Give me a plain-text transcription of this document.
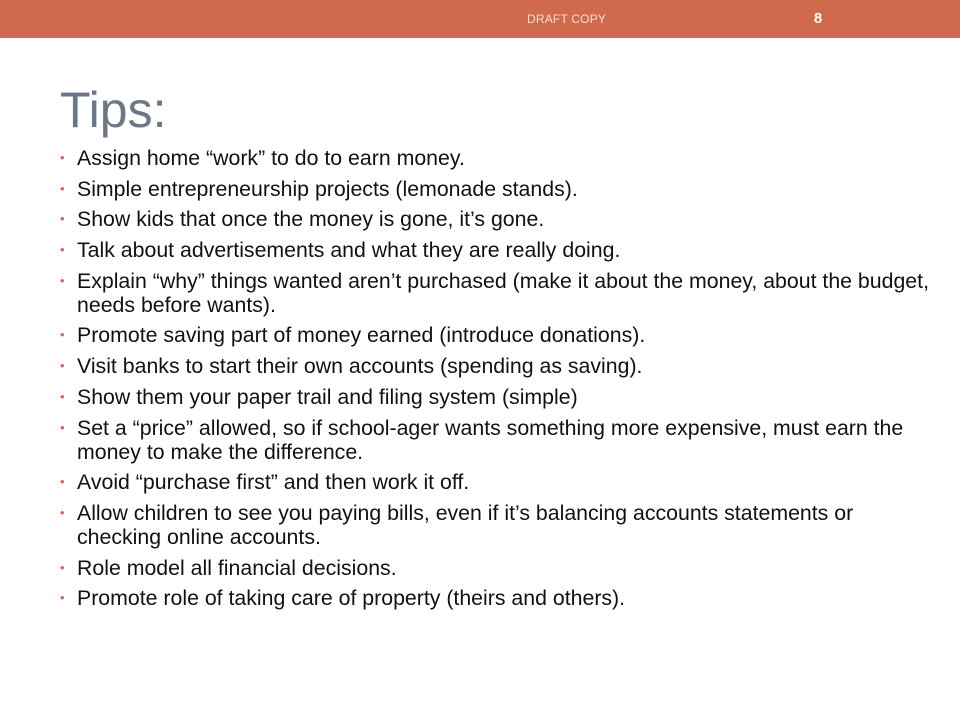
DRAFT COPY	8
Tips:
• Assign home “work” to do to earn money.
• Simple entrepreneurship projects (lemonade stands).
• Show kids that once the money is gone, it’s gone.
• Talk about advertisements and what they are really doing.
• Explain “why” things wanted aren’t purchased (make it about the money, about the budget, needs before wants).
• Promote saving part of money earned (introduce donations).
• Visit banks to start their own accounts (spending as saving).
• Show them your paper trail and filing system (simple)
• Set a “price” allowed, so if school-ager wants something more expensive, must earn the money to make the difference.
• Avoid “purchase first” and then work it off.
• Allow children to see you paying bills, even if it’s balancing accounts statements or checking online accounts.
• Role model all financial decisions.
• Promote role of taking care of property (theirs and others).
